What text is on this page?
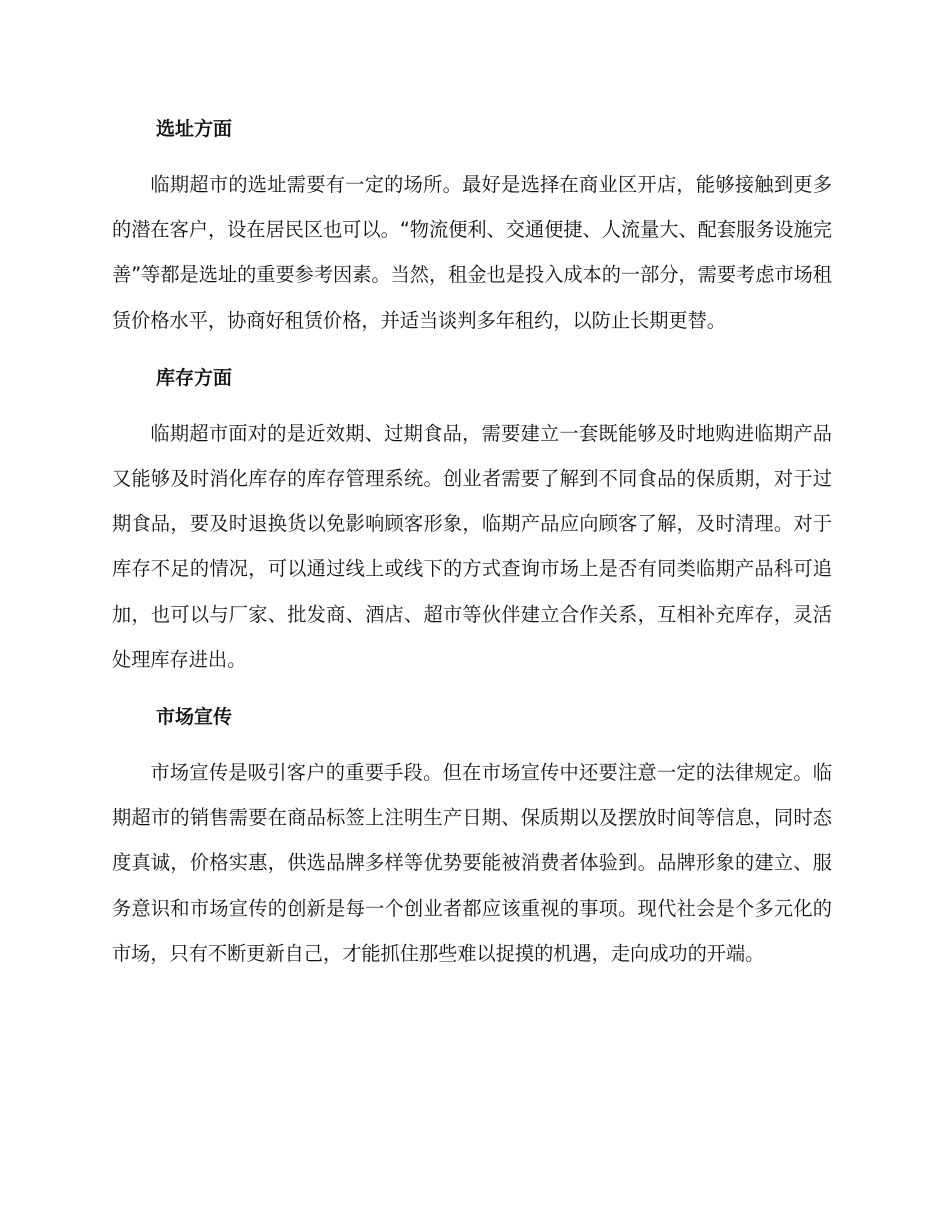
选址方面

临期超市的选址需要有一定的场所。最好是选择在商业区开店，能够接触到更多的潜在客户，设在居民区也可以。“物流便利、交通便捷、人流量大、配套服务设施完善”等都是选址的重要参考因素。当然，租金也是投入成本的一部分，需要考虑市场租赁价格水平，协商好租赁价格，并适当谈判多年租约，以防止长期更替。

库存方面

临期超市面对的是近效期、过期食品，需要建立一套既能够及时地购进临期产品又能够及时消化库存的库存管理系统。创业者需要了解到不同食品的保质期，对于过期食品，要及时退换货以免影响顾客形象，临期产品应向顾客了解，及时清理。对于库存不足的情况，可以通过线上或线下的方式查询市场上是否有同类临期产品科可追加，也可以与厂家、批发商、酒店、超市等伙伴建立合作关系，互相补充库存，灵活处理库存进出。

市场宣传

市场宣传是吸引客户的重要手段。但在市场宣传中还要注意一定的法律规定。临期超市的销售需要在商品标签上注明生产日期、保质期以及摆放时间等信息，同时态度真诚，价格实惠，供选品牌多样等优势要能被消费者体验到。品牌形象的建立、服务意识和市场宣传的创新是每一个创业者都应该重视的事项。现代社会是个多元化的市场，只有不断更新自己，才能抓住那些难以捉摸的机遇，走向成功的开端。
